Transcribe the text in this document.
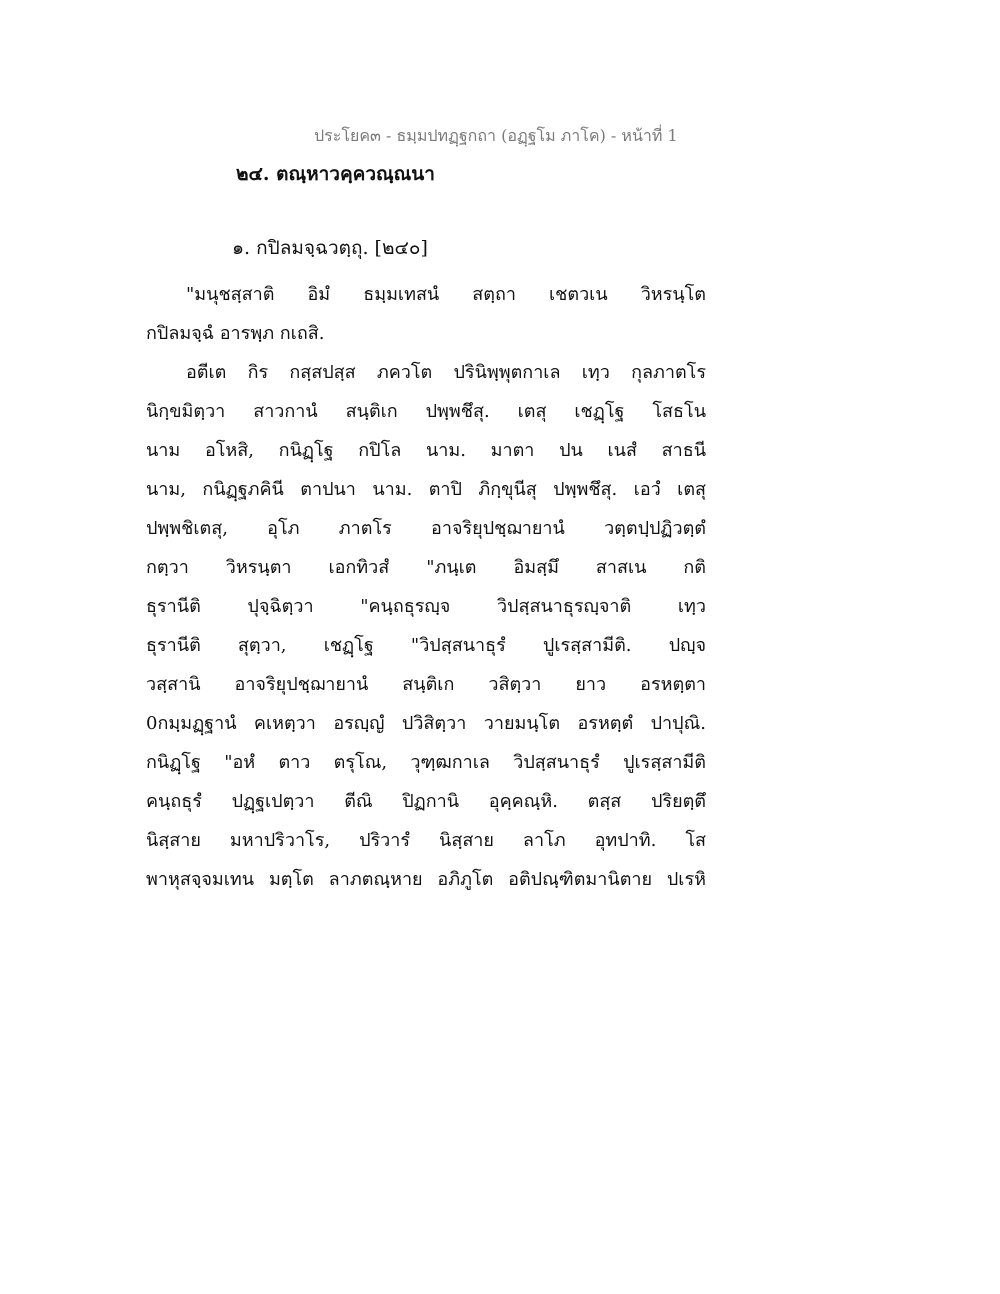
ประโยค๓ - ธมฺมปทฏฺฐกถา (อฏฺฐโม ภาโค) - หน้าที่ 1
๒๔. ตณฺหาวคฺควณฺณนา
๑. กปิลมจฺฉวตฺถุ. [๒๔๐]
"มนุชสฺสาติ อิมํ ธมฺมเทสนํ สตฺถา เชตวเน วิหรนฺโต
กปิลมจฺฉํ อารพฺภ กเถสิ.
อตีเต กิร กสฺสปสฺส ภควโต ปรินิพฺพุตกาเล เทฺว กุลภาตโร
นิกฺขมิตฺวา สาวกานํ สนฺติเก ปพฺพชึสุ. เตสุ เชฏฺโฐ โสธโน
นาม อโหสิ, กนิฏฺโฐ กปิโล นาม. มาตา ปน เนสํ สาธนี
นาม, กนิฏฺฐภคินี ตาปนา นาม. ตาปิ ภิกฺขุนีสุ ปพฺพชึสุ. เอวํ เตสุ
ปพฺพชิเตสุ, อุโภ ภาตโร อาจริยุปชฺฌายานํ วตฺตปฺปฏิวตฺตํ
กตฺวา วิหรนฺตา เอกทิวสํ "ภนฺเต อิมสฺมึ สาสเน กติ
ธุรานีติ ปุจฺฉิตฺวา "คนฺถธุรญฺจ วิปสฺสนาธุรญฺจาติ เทฺว
ธุรานีติ สุตฺวา, เชฏฺโฐ "วิปสฺสนาธุรํ ปูเรสฺสามีติ. ปญฺจ
วสฺสานิ อาจริยุปชฺฌายานํ สนฺติเก วสิตฺวา ยาว อรหตฺตา
0กมฺมฏฺฐานํ คเหตฺวา อรญฺญํ ปวิสิตฺวา วายมนฺโต อรหตฺตํ ปาปุณิ.
กนิฏฺโฐ "อหํ ตาว ตรุโณ, วุฑฺฒกาเล วิปสฺสนาธุรํ ปูเรสฺสามีติ
คนฺถธุรํ ปฏฺฐเปตฺวา ตีณิ ปิฏกานิ อุคฺคณฺหิ. ตสฺส ปริยตฺตึ
นิสฺสาย มหาปริวาโร, ปริวารํ นิสฺสาย ลาโภ อุทปาทิ. โส
พาหุสจฺจมเทน มตฺโต ลาภตณฺหาย อภิภูโต อติปณฺฑิตมานิตาย ปเรหิ
